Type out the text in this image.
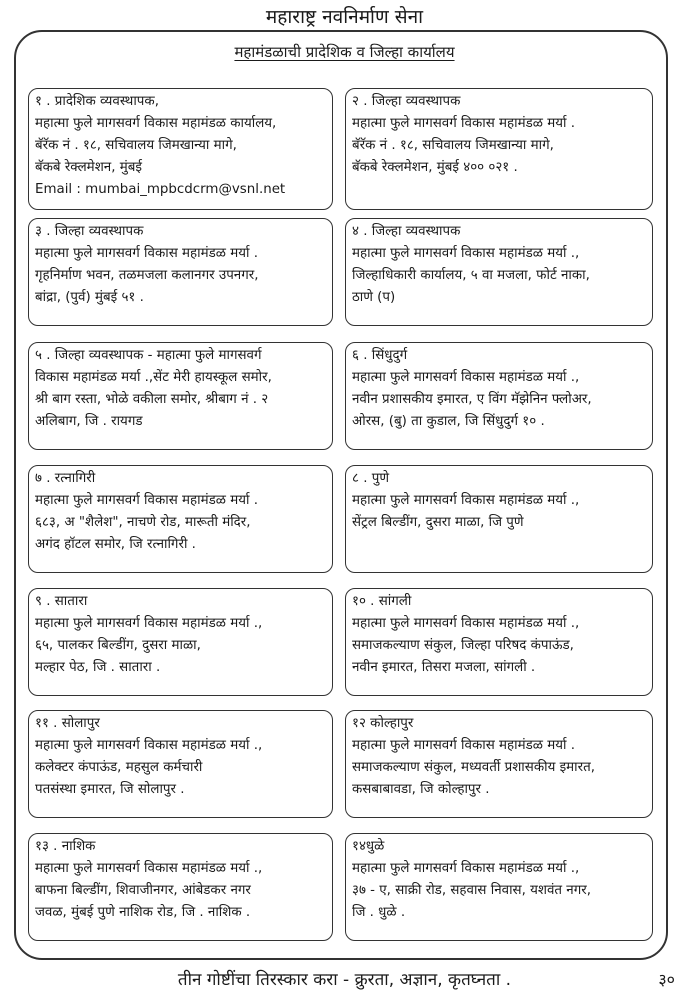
महाराष्ट्र नवनिर्माण सेना
महामंडळाची प्रादेशिक व जिल्हा कार्यालय
१ . प्रादेशिक व्यवस्थापक,
महात्मा फुले मागसवर्ग विकास महामंडळ कार्यालय,
बॅरॅक नं . १८, सचिवालय जिमखान्या मागे,
बॅकबे रेक्लमेशन, मुंबई
Email : mumbai_mpbcdcrm@vsnl.net
२ . जिल्हा व्यवस्थापक
महात्मा फुले मागसवर्ग विकास महामंडळ मर्या .
बॅरॅक नं . १८, सचिवालय जिमखान्या मागे,
बॅकबे रेक्लमेशन, मुंबई ४०० ०२१ .
३ . जिल्हा व्यवस्थापक
महात्मा फुले मागसवर्ग विकास महामंडळ मर्या .
गृहनिर्माण भवन, तळमजला कलानगर उपनगर,
बांद्रा, (पुर्व) मुंबई ५१ .
४ . जिल्हा व्यवस्थापक
महात्मा फुले मागसवर्ग विकास महामंडळ मर्या .,
जिल्हाधिकारी कार्यालय, ५ वा मजला, फोर्ट नाका,
ठाणे (प)
५ . जिल्हा व्यवस्थापक - महात्मा फुले मागसवर्ग
विकास महामंडळ मर्या .,सेंट मेरी हायस्कूल समोर,
श्री बाग रस्ता, भोळे वकीला समोर, श्रीबाग नं . २
अलिबाग, जि . रायगड
६ . सिंधुदुर्ग
महात्मा फुले मागसवर्ग विकास महामंडळ मर्या .,
नवीन प्रशासकीय इमारत, ए विंग मॅझेनिन फ्लोअर,
ओरस, (बु) ता कुडाल, जि सिंधुदुर्ग १० .
७ . रत्नागिरी
महात्मा फुले मागसवर्ग विकास महामंडळ मर्या .
६८३, अ "शैलेश", नाचणे रोड, मारूती मंदिर,
अगंद हॉटल समोर, जि रत्नागिरी .
८ . पुणे
महात्मा फुले मागसवर्ग विकास महामंडळ मर्या .,
सेंट्रल बिल्डींग, दुसरा माळा, जि पुणे
९ . सातारा
महात्मा फुले मागसवर्ग विकास महामंडळ मर्या .,
६५, पालकर बिल्डींग, दुसरा माळा,
मल्हार पेठ, जि . सातारा .
१० . सांगली
महात्मा फुले मागसवर्ग विकास महामंडळ मर्या .,
समाजकल्याण संकुल, जिल्हा परिषद कंपाऊंड,
नवीन इमारत, तिसरा मजला, सांगली .
११ . सोलापुर
महात्मा फुले मागसवर्ग विकास महामंडळ मर्या .,
कलेक्टर कंपाऊंड, महसुल कर्मचारी
पतसंस्था इमारत, जि सोलापुर .
१२ कोल्हापुर
महात्मा फुले मागसवर्ग विकास महामंडळ मर्या .
समाजकल्याण संकुल, मध्यवर्ती प्रशासकीय इमारत,
कसबाबावडा, जि कोल्हापुर .
१३ . नाशिक
महात्मा फुले मागसवर्ग विकास महामंडळ मर्या .,
बाफना बिल्डींग, शिवाजीनगर, आंबेडकर नगर
जवळ, मुंबई पुणे नाशिक रोड, जि . नाशिक .
१४धुळे
महात्मा फुले मागसवर्ग विकास महामंडळ मर्या .,
३७ - ए, साक्री रोड, सहवास निवास, यशवंत नगर,
जि . धुळे .
तीन गोष्टींचा तिरस्कार करा - क्रुरता, अज्ञान, कृतघ्नता .	३०
